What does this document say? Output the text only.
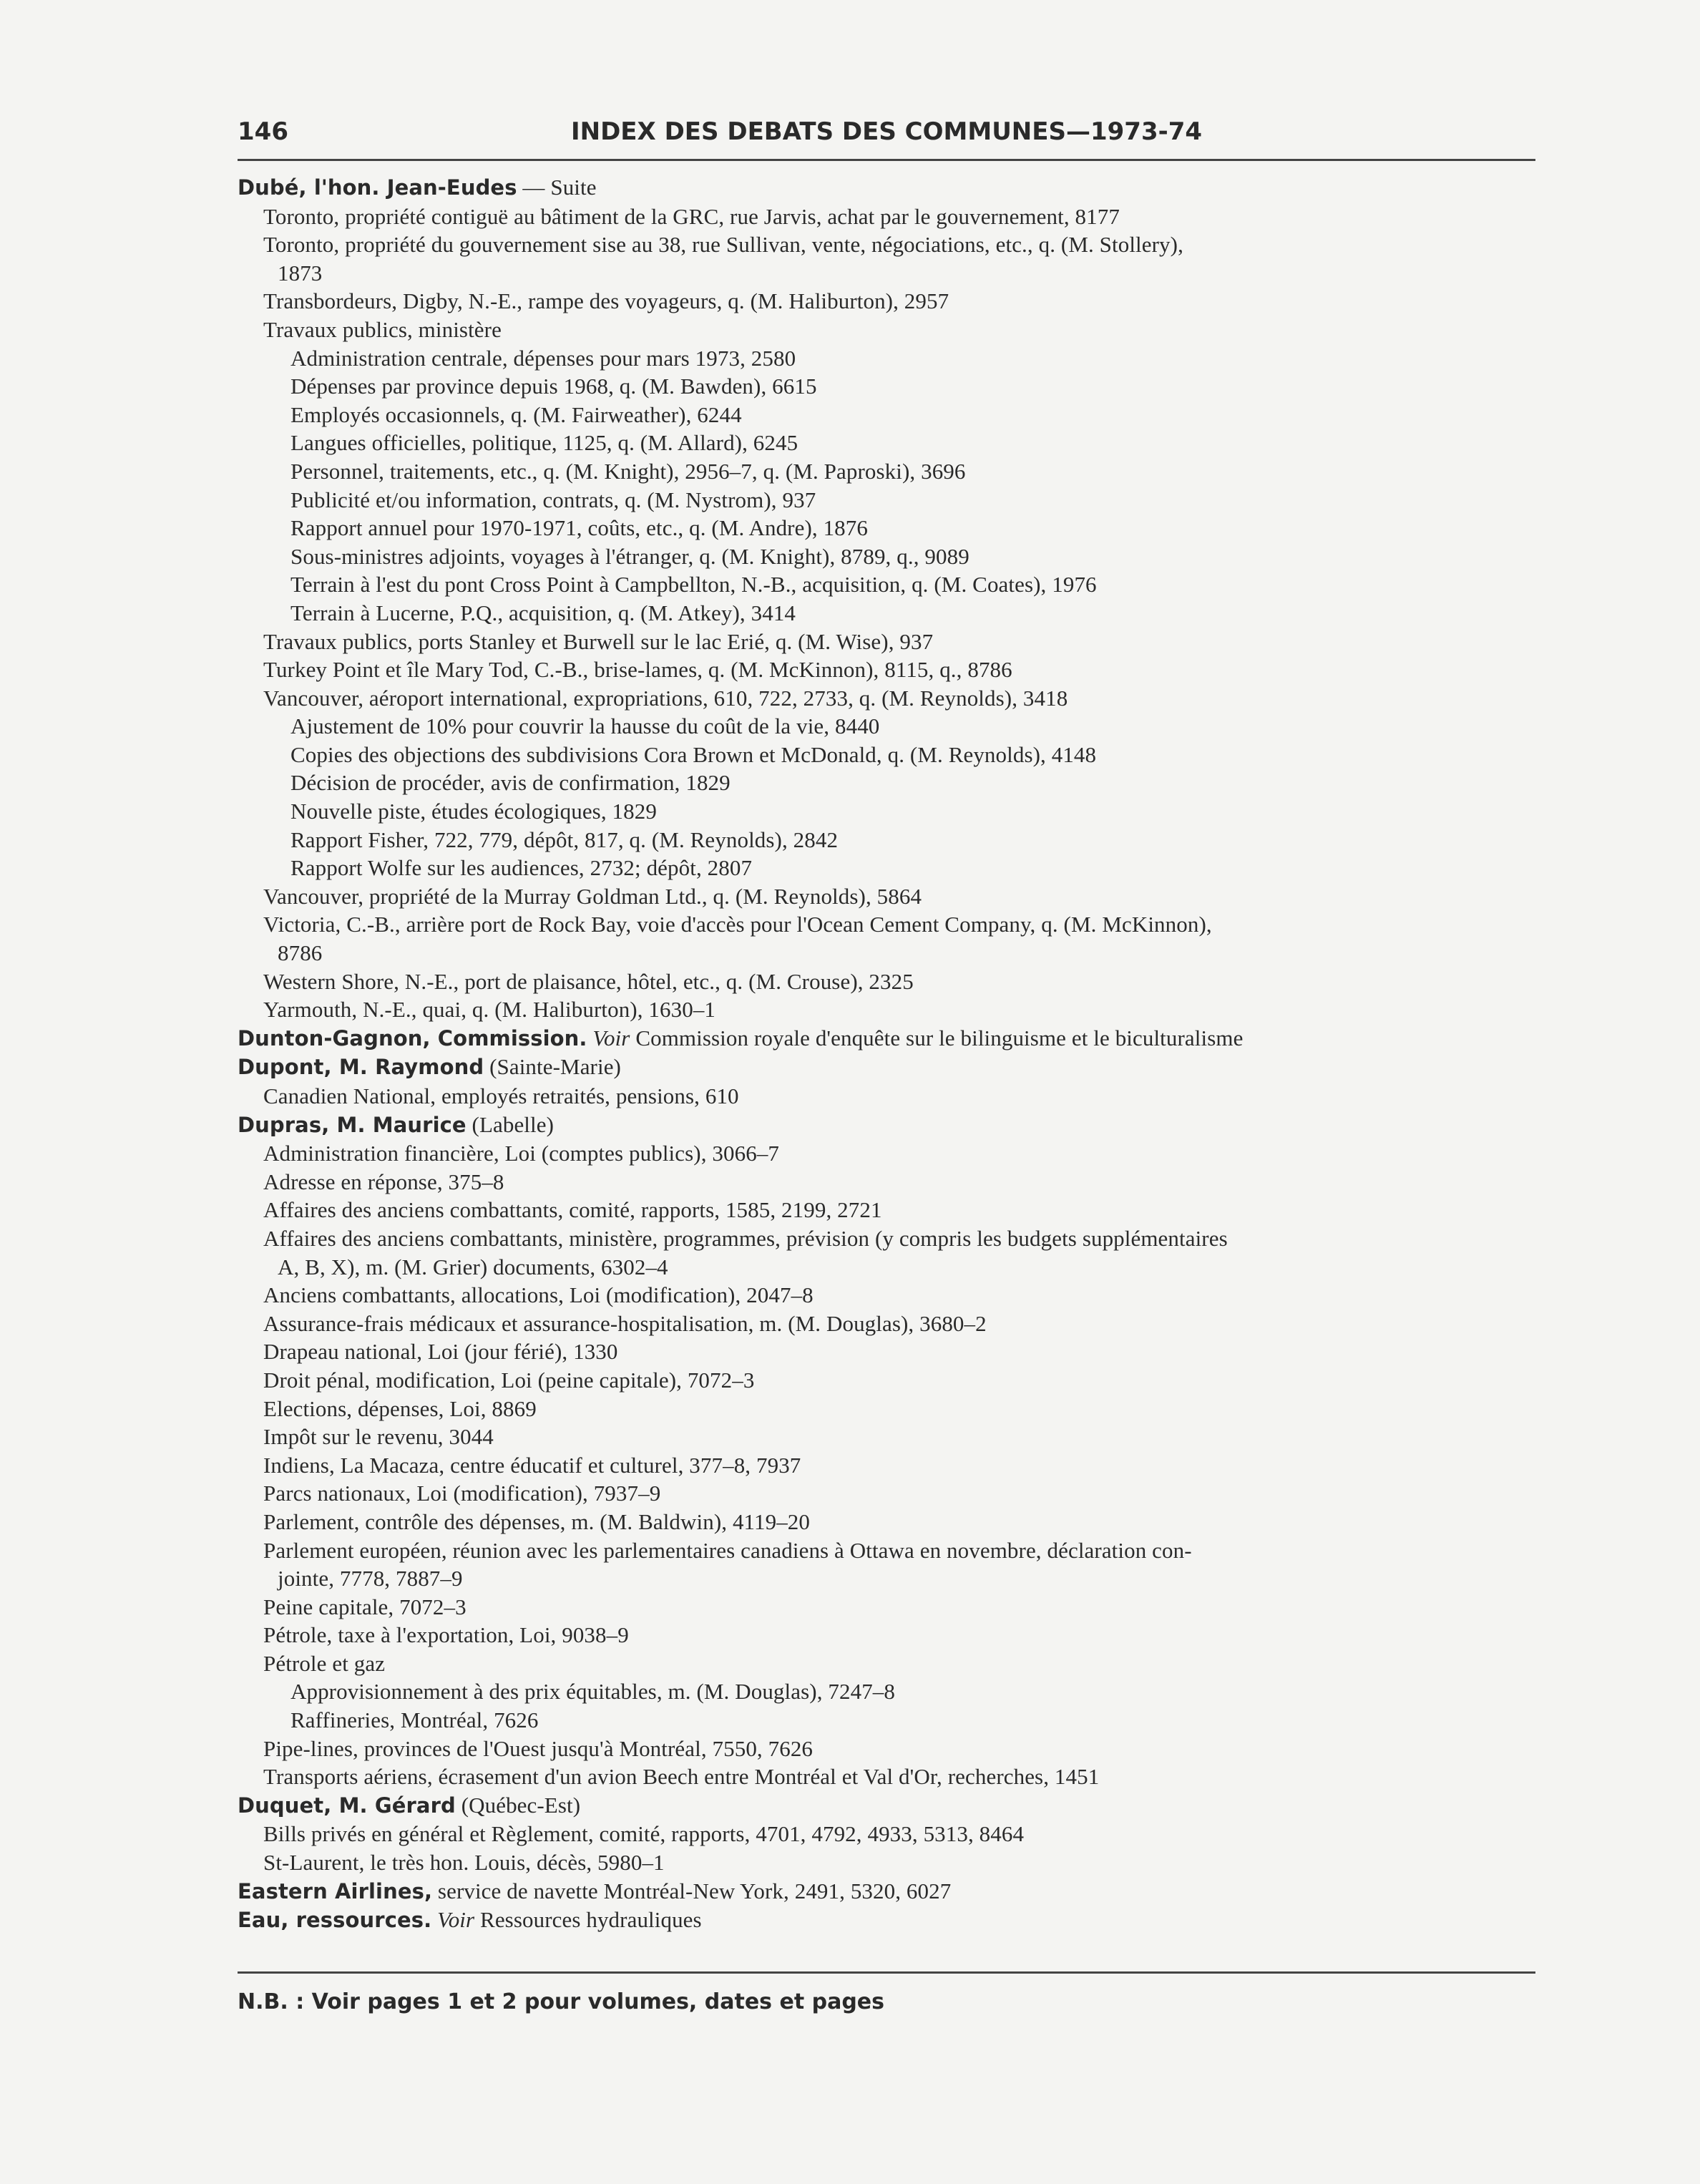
146	INDEX DES DEBATS DES COMMUNES—1973-74
Dubé, l'hon. Jean-Eudes — Suite
Toronto, propriété contiguë au bâtiment de la GRC, rue Jarvis, achat par le gouvernement, 8177
Toronto, propriété du gouvernement sise au 38, rue Sullivan, vente, négociations, etc., q. (M. Stollery),
1873
Transbordeurs, Digby, N.-E., rampe des voyageurs, q. (M. Haliburton), 2957
Travaux publics, ministère
Administration centrale, dépenses pour mars 1973, 2580
Dépenses par province depuis 1968, q. (M. Bawden), 6615
Employés occasionnels, q. (M. Fairweather), 6244
Langues officielles, politique, 1125, q. (M. Allard), 6245
Personnel, traitements, etc., q. (M. Knight), 2956–7, q. (M. Paproski), 3696
Publicité et/ou information, contrats, q. (M. Nystrom), 937
Rapport annuel pour 1970-1971, coûts, etc., q. (M. Andre), 1876
Sous-ministres adjoints, voyages à l'étranger, q. (M. Knight), 8789, q., 9089
Terrain à l'est du pont Cross Point à Campbellton, N.-B., acquisition, q. (M. Coates), 1976
Terrain à Lucerne, P.Q., acquisition, q. (M. Atkey), 3414
Travaux publics, ports Stanley et Burwell sur le lac Erié, q. (M. Wise), 937
Turkey Point et île Mary Tod, C.-B., brise-lames, q. (M. McKinnon), 8115, q., 8786
Vancouver, aéroport international, expropriations, 610, 722, 2733, q. (M. Reynolds), 3418
Ajustement de 10% pour couvrir la hausse du coût de la vie, 8440
Copies des objections des subdivisions Cora Brown et McDonald, q. (M. Reynolds), 4148
Décision de procéder, avis de confirmation, 1829
Nouvelle piste, études écologiques, 1829
Rapport Fisher, 722, 779, dépôt, 817, q. (M. Reynolds), 2842
Rapport Wolfe sur les audiences, 2732; dépôt, 2807
Vancouver, propriété de la Murray Goldman Ltd., q. (M. Reynolds), 5864
Victoria, C.-B., arrière port de Rock Bay, voie d'accès pour l'Ocean Cement Company, q. (M. McKinnon),
8786
Western Shore, N.-E., port de plaisance, hôtel, etc., q. (M. Crouse), 2325
Yarmouth, N.-E., quai, q. (M. Haliburton), 1630–1
Dunton-Gagnon, Commission. Voir Commission royale d'enquête sur le bilinguisme et le biculturalisme
Dupont, M. Raymond (Sainte-Marie)
Canadien National, employés retraités, pensions, 610
Dupras, M. Maurice (Labelle)
Administration financière, Loi (comptes publics), 3066–7
Adresse en réponse, 375–8
Affaires des anciens combattants, comité, rapports, 1585, 2199, 2721
Affaires des anciens combattants, ministère, programmes, prévision (y compris les budgets supplémentaires
A, B, X), m. (M. Grier) documents, 6302–4
Anciens combattants, allocations, Loi (modification), 2047–8
Assurance-frais médicaux et assurance-hospitalisation, m. (M. Douglas), 3680–2
Drapeau national, Loi (jour férié), 1330
Droit pénal, modification, Loi (peine capitale), 7072–3
Elections, dépenses, Loi, 8869
Impôt sur le revenu, 3044
Indiens, La Macaza, centre éducatif et culturel, 377–8, 7937
Parcs nationaux, Loi (modification), 7937–9
Parlement, contrôle des dépenses, m. (M. Baldwin), 4119–20
Parlement européen, réunion avec les parlementaires canadiens à Ottawa en novembre, déclaration con-
jointe, 7778, 7887–9
Peine capitale, 7072–3
Pétrole, taxe à l'exportation, Loi, 9038–9
Pétrole et gaz
Approvisionnement à des prix équitables, m. (M. Douglas), 7247–8
Raffineries, Montréal, 7626
Pipe-lines, provinces de l'Ouest jusqu'à Montréal, 7550, 7626
Transports aériens, écrasement d'un avion Beech entre Montréal et Val d'Or, recherches, 1451
Duquet, M. Gérard (Québec-Est)
Bills privés en général et Règlement, comité, rapports, 4701, 4792, 4933, 5313, 8464
St-Laurent, le très hon. Louis, décès, 5980–1
Eastern Airlines, service de navette Montréal-New York, 2491, 5320, 6027
Eau, ressources. Voir Ressources hydrauliques
N.B. : Voir pages 1 et 2 pour volumes, dates et pages
